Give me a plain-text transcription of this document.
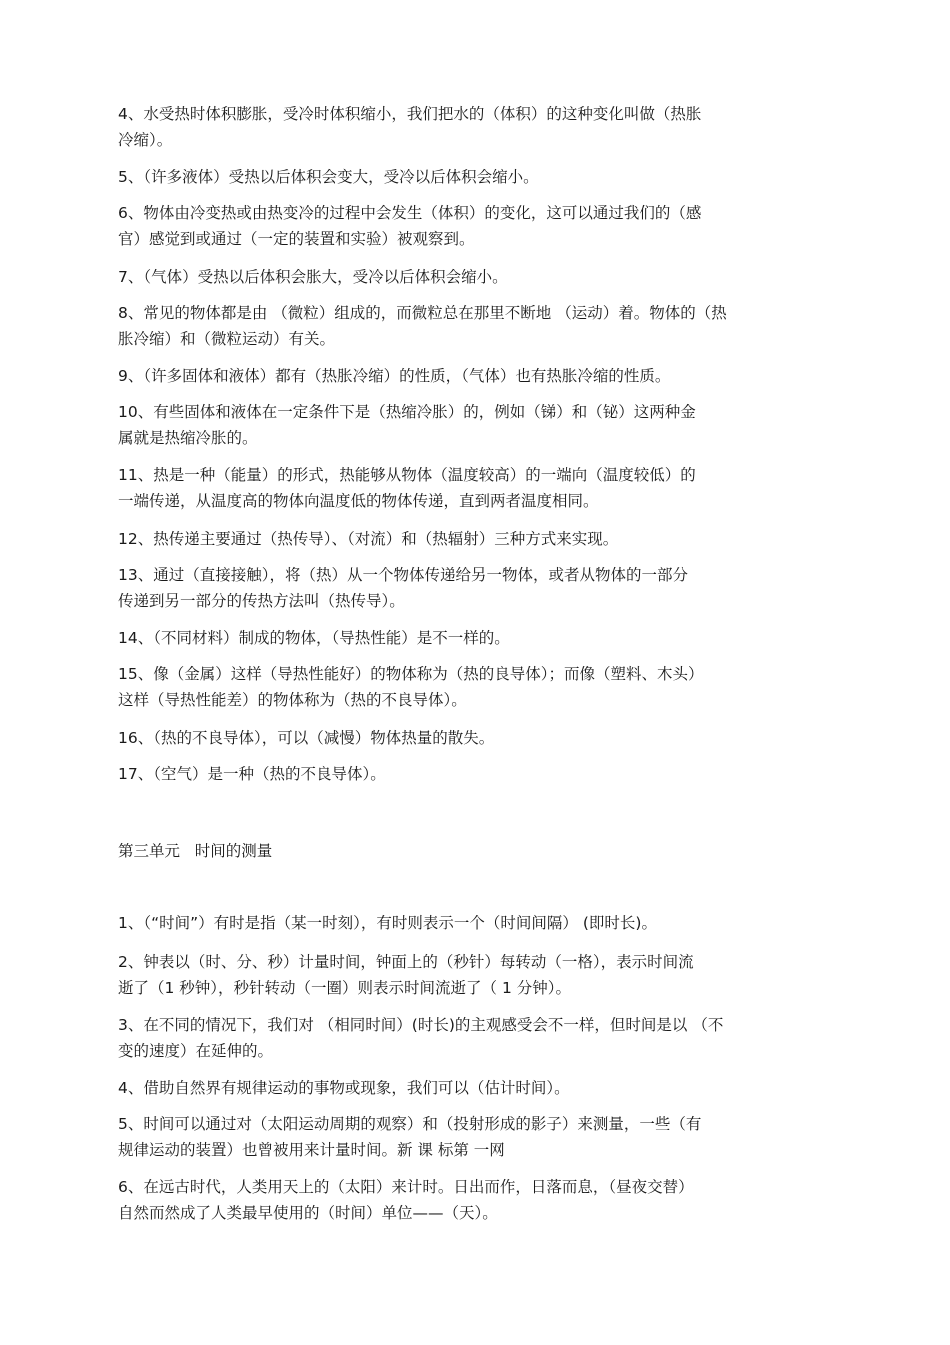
4、水受热时体积膨胀，受冷时体积缩小，我们把水的（体积）的这种变化叫做（热胀
冷缩）。

5、（许多液体）受热以后体积会变大，受冷以后体积会缩小。

6、物体由冷变热或由热变冷的过程中会发生（体积）的变化，这可以通过我们的（感
官）感觉到或通过（一定的装置和实验）被观察到。

7、（气体）受热以后体积会胀大，受冷以后体积会缩小。

8、常见的物体都是由 （微粒）组成的，而微粒总在那里不断地 （运动）着。物体的（热
胀冷缩）和（微粒运动）有关。

9、（许多固体和液体）都有（热胀冷缩）的性质，（气体）也有热胀冷缩的性质。

10、有些固体和液体在一定条件下是（热缩冷胀）的，例如（锑）和（铋）这两种金
属就是热缩冷胀的。

11、热是一种（能量）的形式，热能够从物体（温度较高）的一端向（温度较低）的
一端传递，从温度高的物体向温度低的物体传递，直到两者温度相同。

12、热传递主要通过（热传导）、（对流）和（热辐射）三种方式来实现。

13、通过（直接接触），将（热）从一个物体传递给另一物体，或者从物体的一部分
传递到另一部分的传热方法叫（热传导）。

14、（不同材料）制成的物体，（导热性能）是不一样的。

15、像（金属）这样（导热性能好）的物体称为（热的良导体）；而像（塑料、木头）
这样（导热性能差）的物体称为（热的不良导体）。

16、（热的不良导体），可以（减慢）物体热量的散失。

17、（空气）是一种（热的不良导体）。

第三单元   时间的测量

1、（“时间”）有时是指（某一时刻），有时则表示一个（时间间隔） (即时长)。

2、钟表以（时、分、秒）计量时间，钟面上的（秒针）每转动（一格），表示时间流
逝了（1 秒钟），秒针转动（一圈）则表示时间流逝了（ 1 分钟）。

3、在不同的情况下，我们对 （相同时间）(时长)的主观感受会不一样，但时间是以 （不
变的速度）在延伸的。

4、借助自然界有规律运动的事物或现象，我们可以（估计时间）。

5、时间可以通过对（太阳运动周期的观察）和（投射形成的影子）来测量，一些（有
规律运动的装置）也曾被用来计量时间。新 课 标第 一网

6、在远古时代，人类用天上的（太阳）来计时。日出而作，日落而息，（昼夜交替）
自然而然成了人类最早使用的（时间）单位——（天）。
